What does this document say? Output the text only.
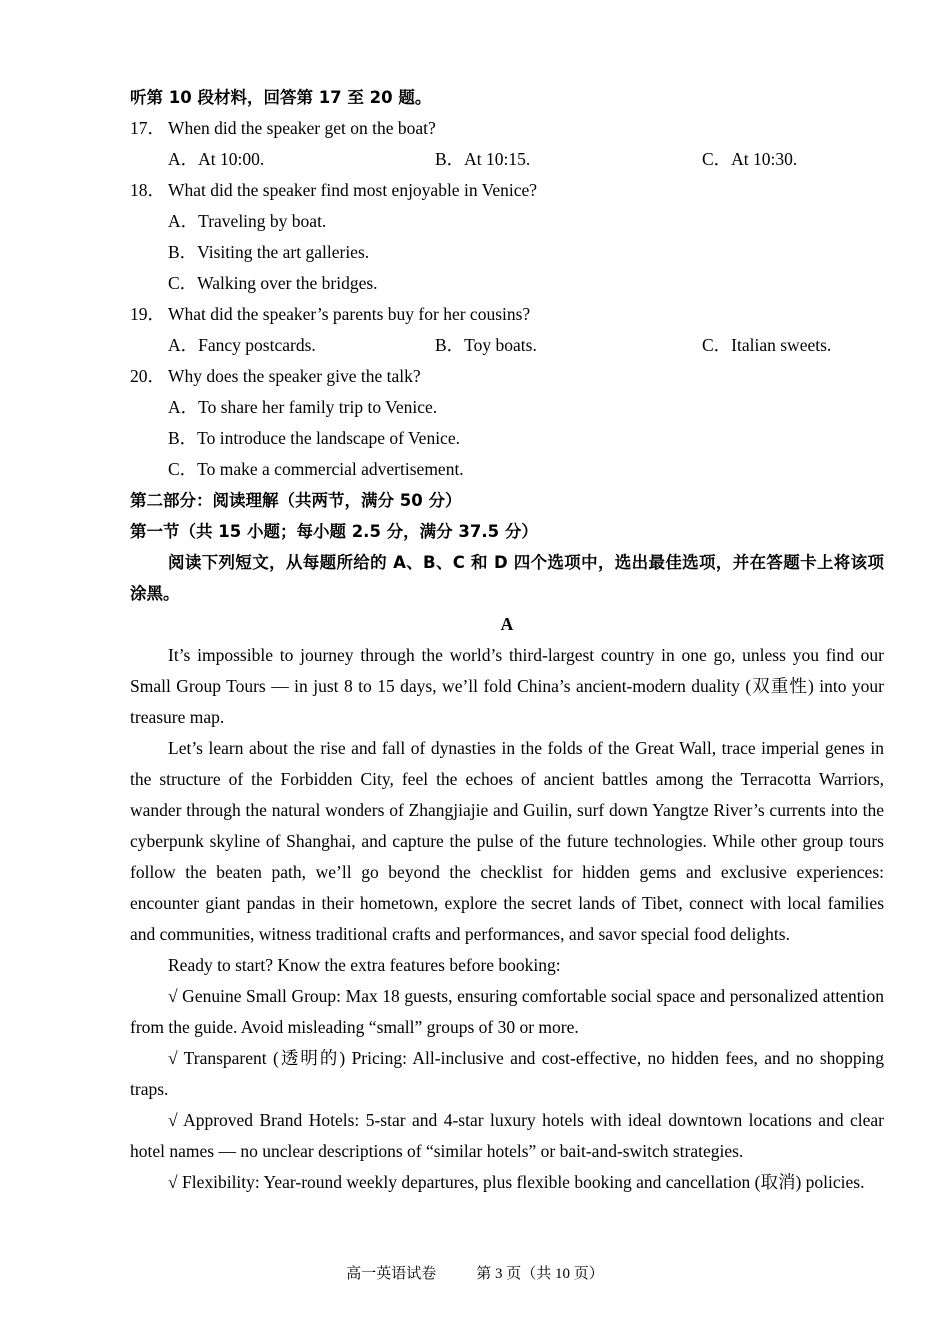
听第 10 段材料，回答第 17 至 20 题。
17． When did the speaker get on the boat?
A．At 10:00.	B．At 10:15.	C．At 10:30.
18． What did the speaker find most enjoyable in Venice?
A．Traveling by boat.
B．Visiting the art galleries.
C．Walking over the bridges.
19． What did the speaker’s parents buy for her cousins?
A．Fancy postcards.	B．Toy boats.	C．Italian sweets.
20． Why does the speaker give the talk?
A．To share her family trip to Venice.
B．To introduce the landscape of Venice.
C．To make a commercial advertisement.
第二部分：阅读理解（共两节，满分 50 分）
第一节（共 15 小题；每小题 2.5 分，满分 37.5 分）

阅读下列短文，从每题所给的 A、B、C 和 D 四个选项中，选出最佳选项，并在答题卡上将该项涂黑。

A

It’s impossible to journey through the world’s third-largest country in one go, unless you find our Small Group Tours — in just 8 to 15 days, we’ll fold China’s ancient-modern duality (双重性) into your treasure map.

Let’s learn about the rise and fall of dynasties in the folds of the Great Wall, trace imperial genes in the structure of the Forbidden City, feel the echoes of ancient battles among the Terracotta Warriors, wander through the natural wonders of Zhangjiajie and Guilin, surf down Yangtze River’s currents into the cyberpunk skyline of Shanghai, and capture the pulse of the future technologies. While other group tours follow the beaten path, we’ll go beyond the checklist for hidden gems and exclusive experiences: encounter giant pandas in their hometown, explore the secret lands of Tibet, connect with local families and communities, witness traditional crafts and performances, and savor special food delights.

Ready to start? Know the extra features before booking:

√ Genuine Small Group: Max 18 guests, ensuring comfortable social space and personalized attention from the guide. Avoid misleading “small” groups of 30 or more.

√ Transparent (透明的) Pricing: All-inclusive and cost-effective, no hidden fees, and no shopping traps.

√ Approved Brand Hotels: 5-star and 4-star luxury hotels with ideal downtown locations and clear hotel names — no unclear descriptions of “similar hotels” or bait-and-switch strategies.

√ Flexibility: Year-round weekly departures, plus flexible booking and cancellation (取消) policies.

高一英语试卷	第 3 页（共 10 页）
